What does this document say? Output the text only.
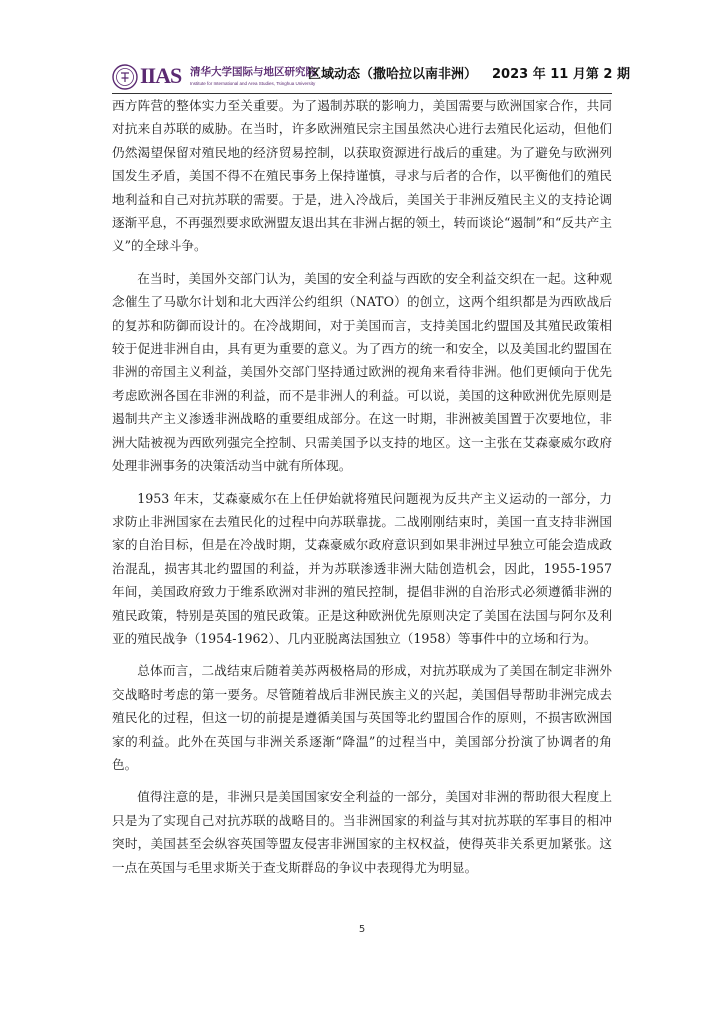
IIAS 清华大学国际与地区研究院
Institute for International and Area Studies, Tsinghua University
区域动态（撒哈拉以南非洲） 2023 年 11 月第 2 期

西方阵营的整体实力至关重要。为了遏制苏联的影响力，美国需要与欧洲国家合作，共同对抗来自苏联的威胁。在当时，许多欧洲殖民宗主国虽然决心进行去殖民化运动，但他们仍然渴望保留对殖民地的经济贸易控制，以获取资源进行战后的重建。为了避免与欧洲列国发生矛盾，美国不得不在殖民事务上保持谨慎，寻求与后者的合作，以平衡他们的殖民地利益和自己对抗苏联的需要。于是，进入冷战后，美国关于非洲反殖民主义的支持论调逐渐平息，不再强烈要求欧洲盟友退出其在非洲占据的领土，转而谈论“遏制”和“反共产主义”的全球斗争。

在当时，美国外交部门认为，美国的安全利益与西欧的安全利益交织在一起。这种观念催生了马歇尔计划和北大西洋公约组织（NATO）的创立，这两个组织都是为西欧战后的复苏和防御而设计的。在冷战期间，对于美国而言，支持美国北约盟国及其殖民政策相较于促进非洲自由，具有更为重要的意义。为了西方的统一和安全，以及美国北约盟国在非洲的帝国主义利益，美国外交部门坚持通过欧洲的视角来看待非洲。他们更倾向于优先考虑欧洲各国在非洲的利益，而不是非洲人的利益。可以说，美国的这种欧洲优先原则是遏制共产主义渗透非洲战略的重要组成部分。在这一时期，非洲被美国置于次要地位，非洲大陆被视为西欧列强完全控制、只需美国予以支持的地区。这一主张在艾森豪威尔政府处理非洲事务的决策活动当中就有所体现。

1953 年末，艾森豪威尔在上任伊始就将殖民问题视为反共产主义运动的一部分，力求防止非洲国家在去殖民化的过程中向苏联靠拢。二战刚刚结束时，美国一直支持非洲国家的自治目标，但是在冷战时期，艾森豪威尔政府意识到如果非洲过早独立可能会造成政治混乱，损害其北约盟国的利益，并为苏联渗透非洲大陆创造机会，因此，1955-1957 年间，美国政府致力于维系欧洲对非洲的殖民控制，提倡非洲的自治形式必须遵循非洲的殖民政策，特别是英国的殖民政策。正是这种欧洲优先原则决定了美国在法国与阿尔及利亚的殖民战争（1954-1962）、几内亚脱离法国独立（1958）等事件中的立场和行为。

总体而言，二战结束后随着美苏两极格局的形成，对抗苏联成为了美国在制定非洲外交战略时考虑的第一要务。尽管随着战后非洲民族主义的兴起，美国倡导帮助非洲完成去殖民化的过程，但这一切的前提是遵循美国与英国等北约盟国合作的原则，不损害欧洲国家的利益。此外在英国与非洲关系逐渐“降温”的过程当中，美国部分扮演了协调者的角色。

值得注意的是，非洲只是美国国家安全利益的一部分，美国对非洲的帮助很大程度上只是为了实现自己对抗苏联的战略目的。当非洲国家的利益与其对抗苏联的军事目的相冲突时，美国甚至会纵容英国等盟友侵害非洲国家的主权权益，使得英非关系更加紧张。这一点在英国与毛里求斯关于查戈斯群岛的争议中表现得尤为明显。

5
